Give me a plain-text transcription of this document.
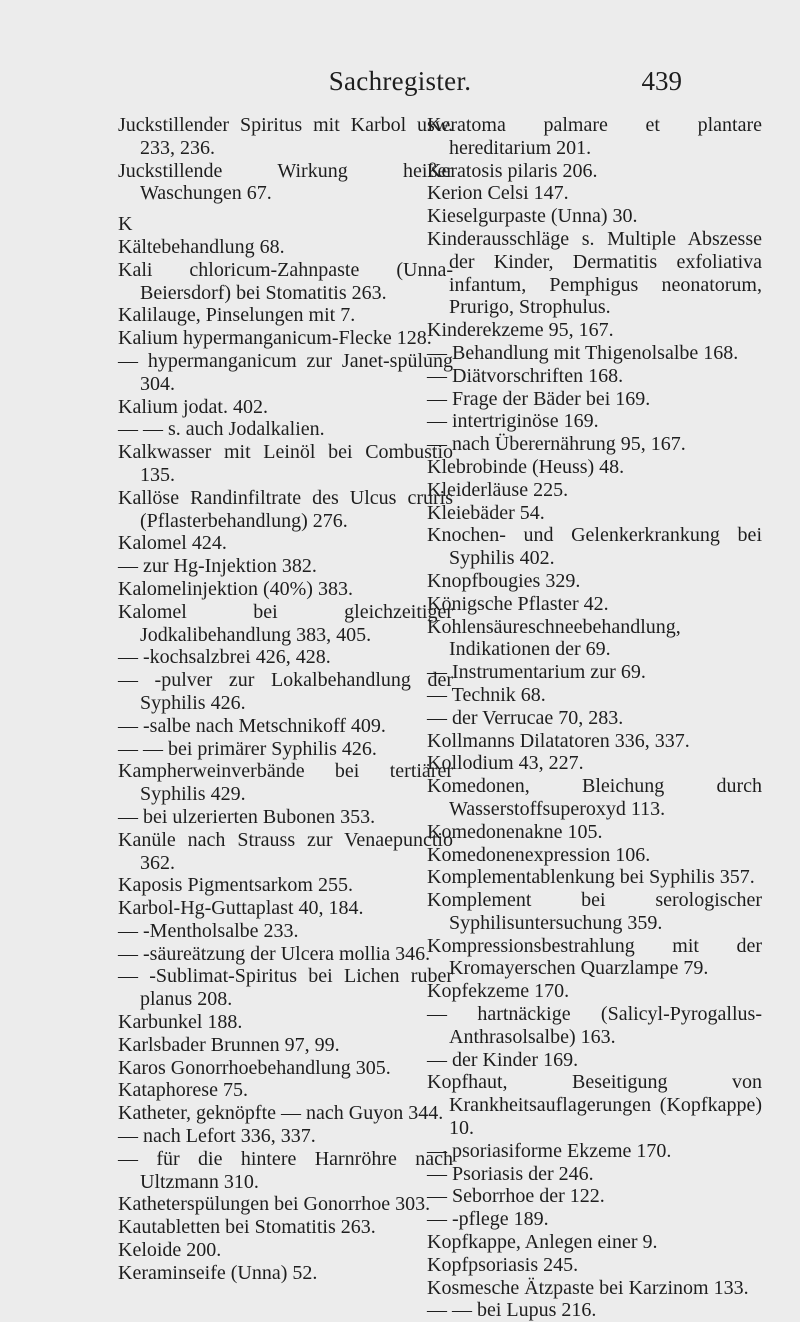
Sachregister.	439

Juckstillender Spiritus mit Karbol usw. 233, 236.

Juckstillende Wirkung heißer Waschungen 67.

K

Kältebehandlung 68.

Kali chloricum-Zahnpaste (Unna-Beiersdorf) bei Stomatitis 263.

Kalilauge, Pinselungen mit 7.

Kalium hypermanganicum-Flecke 128.

— hypermanganicum zur Janet-spülung 304.

Kalium jodat. 402.

— — s. auch Jodalkalien.

Kalkwasser mit Leinöl bei Combustio 135.

Kallöse Randinfiltrate des Ulcus cruris (Pflasterbehandlung) 276.

Kalomel 424.

— zur Hg-Injektion 382.

Kalomelinjektion (40%) 383.

Kalomel bei gleichzeitiger Jodkalibehandlung 383, 405.

— -kochsalzbrei 426, 428.

— -pulver zur Lokalbehandlung der Syphilis 426.

— -salbe nach Metschnikoff 409.

— — bei primärer Syphilis 426.

Kampherweinverbände bei tertiärer Syphilis 429.

— bei ulzerierten Bubonen 353.

Kanüle nach Strauss zur Venaepunctio 362.

Kaposis Pigmentsarkom 255.

Karbol-Hg-Guttaplast 40, 184.

— -Mentholsalbe 233.

— -säureätzung der Ulcera mollia 346.

— -Sublimat-Spiritus bei Lichen ruber planus 208.

Karbunkel 188.

Karlsbader Brunnen 97, 99.

Karos Gonorrhoebehandlung 305.

Kataphorese 75.

Katheter, geknöpfte — nach Guyon 344.

— nach Lefort 336, 337.

— für die hintere Harnröhre nach Ultzmann 310.

Katheterspülungen bei Gonorrhoe 303.

Kautabletten bei Stomatitis 263.

Keloide 200.

Keraminseife (Unna) 52.

Keratoma palmare et plantare hereditarium 201.

Keratosis pilaris 206.

Kerion Celsi 147.

Kieselgurpaste (Unna) 30.

Kinderausschläge s. Multiple Abszesse der Kinder, Dermatitis exfoliativa infantum, Pemphigus neonatorum, Prurigo, Strophulus.

Kinderekzeme 95, 167.

— Behandlung mit Thigenolsalbe 168.

— Diätvorschriften 168.

— Frage der Bäder bei 169.

— intertriginöse 169.

— nach Überernährung 95, 167.

Klebrobinde (Heuss) 48.

Kleiderläuse 225.

Kleiebäder 54.

Knochen- und Gelenkerkrankung bei Syphilis 402.

Knopfbougies 329.

Königsche Pflaster 42.

Kohlensäureschneebehandlung, Indikationen der 69.

— Instrumentarium zur 69.

— Technik 68.

— der Verrucae 70, 283.

Kollmanns Dilatatoren 336, 337.

Kollodium 43, 227.

Komedonen, Bleichung durch Wasserstoffsuperoxyd 113.

Komedonenakne 105.

Komedonenexpression 106.

Komplementablenkung bei Syphilis 357.

Komplement bei serologischer Syphilisuntersuchung 359.

Kompressionsbestrahlung mit der Kromayerschen Quarzlampe 79.

Kopfekzeme 170.

— hartnäckige (Salicyl-Pyrogallus-Anthrasolsalbe) 163.

— der Kinder 169.

Kopfhaut, Beseitigung von Krankheitsauflagerungen (Kopfkappe) 10.

— psoriasiforme Ekzeme 170.

— Psoriasis der 246.

— Seborrhoe der 122.

— -pflege 189.

Kopfkappe, Anlegen einer 9.

Kopfpsoriasis 245.

Kosmesche Ätzpaste bei Karzinom 133.

— — bei Lupus 216.
